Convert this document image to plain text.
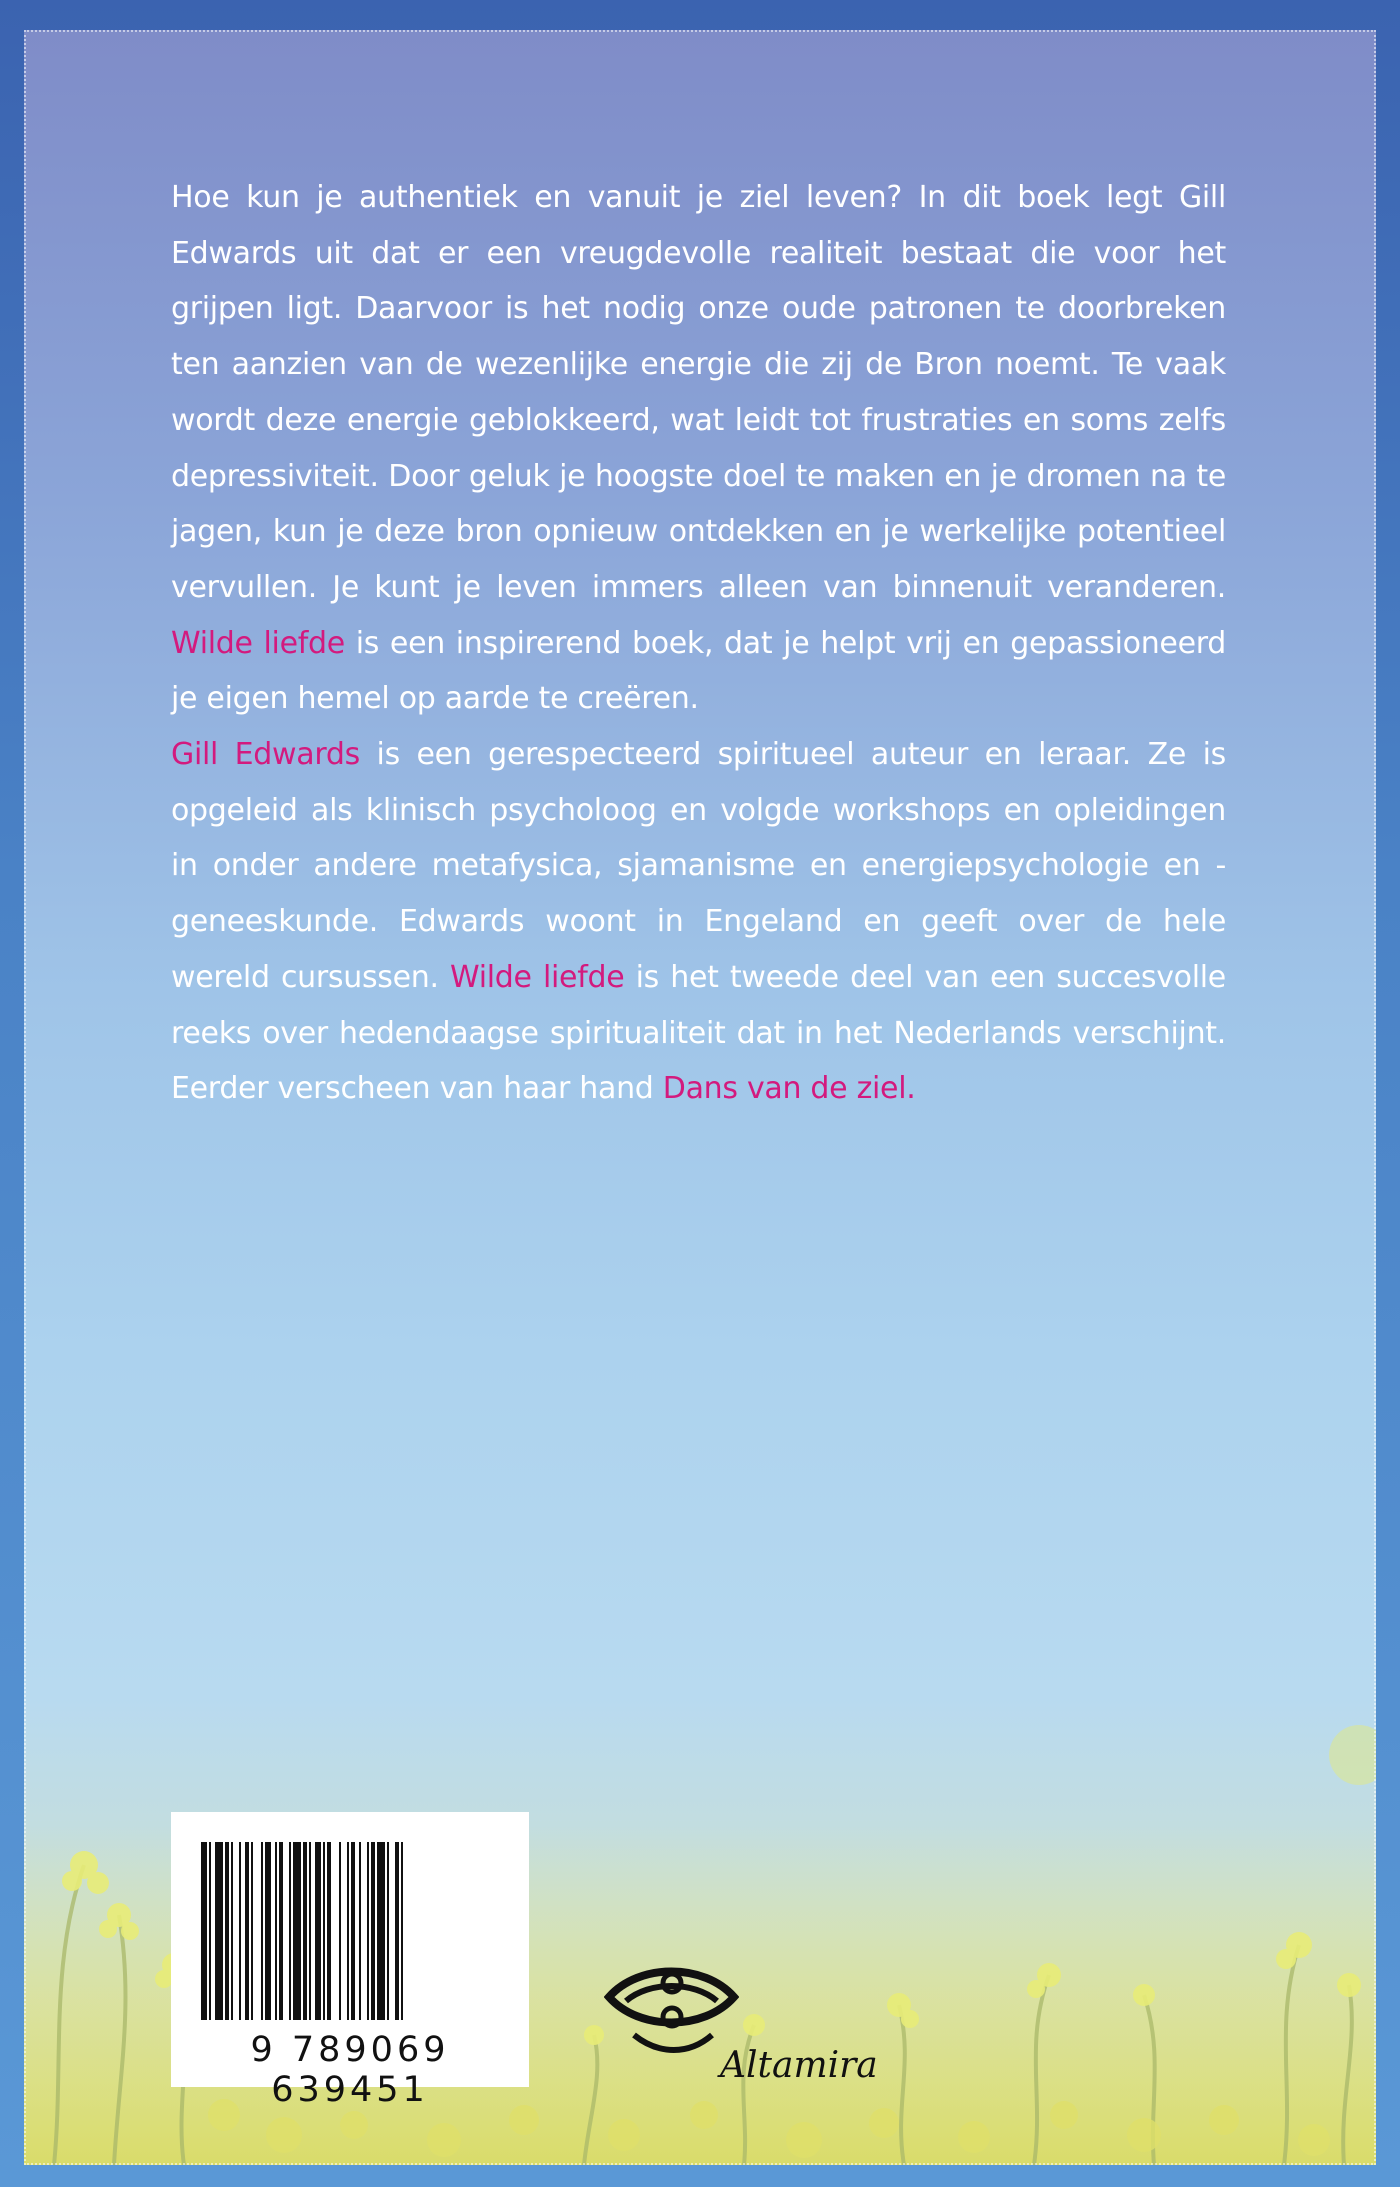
Hoe kun je authentiek en vanuit je ziel leven? In dit boek legt Gill Edwards uit dat er een vreugdevolle realiteit bestaat die voor het grijpen ligt. Daarvoor is het nodig onze oude patronen te doorbreken ten aanzien van de wezenlijke energie die zij de Bron noemt. Te vaak wordt deze energie geblokkeerd, wat leidt tot frustraties en soms zelfs depressiviteit. Door geluk je hoogste doel te maken en je dromen na te jagen, kun je deze bron opnieuw ontdekken en je werkelijke potentieel vervullen. Je kunt je leven immers alleen van binnenuit veranderen. Wilde liefde is een inspirerend boek, dat je helpt vrij en gepassioneerd je eigen hemel op aarde te creëren.
Gill Edwards is een gerespecteerd spiritueel auteur en leraar. Ze is opgeleid als klinisch psycholoog en volgde workshops en opleidingen in onder andere metafysica, sjamanisme en energiepsychologie en -geneeskunde. Edwards woont in Engeland en geeft over de hele wereld cursussen. Wilde liefde is het tweede deel van een succesvolle reeks over hedendaagse spiritualiteit dat in het Nederlands verschijnt. Eerder verscheen van haar hand Dans van de ziel.
9 789069 639451
Altamira
